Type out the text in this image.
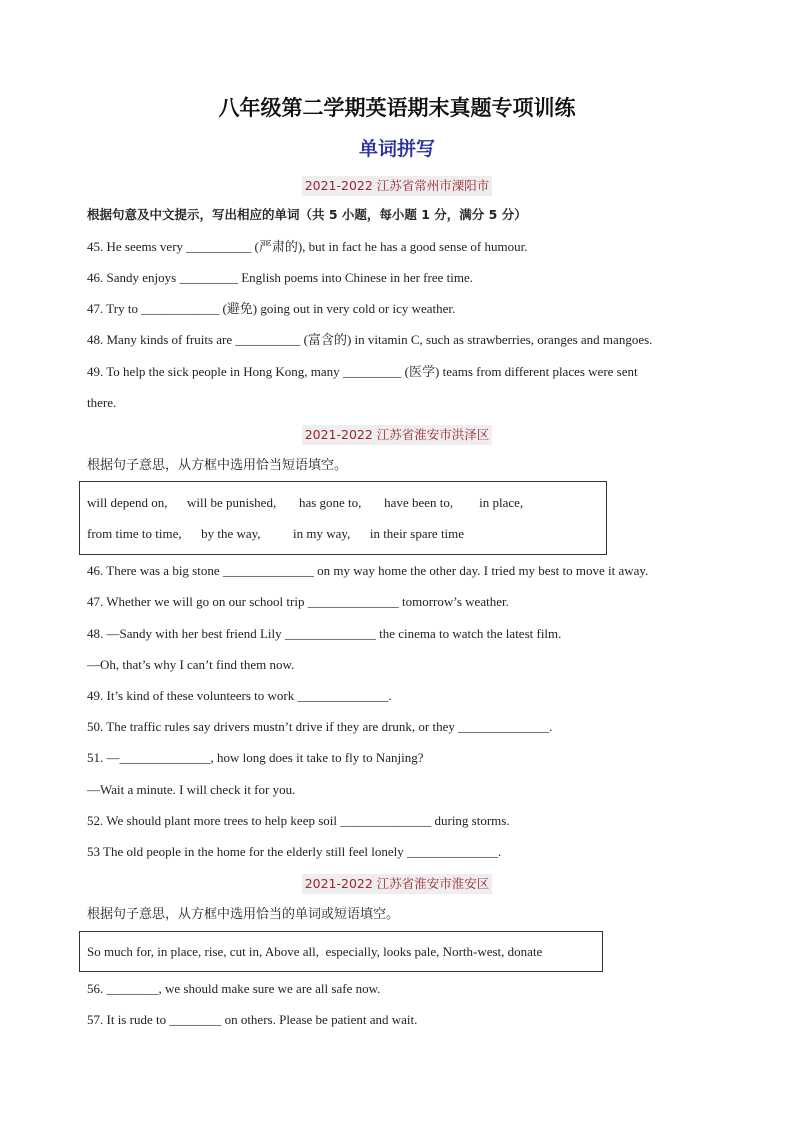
八年级第二学期英语期末真题专项训练
单词拼写
2021-2022 江苏省常州市溧阳市
根据句意及中文提示，写出相应的单词（共 5 小题，每小题 1 分，满分 5 分）
45. He seems very __________ (严肃的), but in fact he has a good sense of humour.
46. Sandy enjoys _________ English poems into Chinese in her free time.
47. Try to ____________ (避免) going out in very cold or icy weather.
48. Many kinds of fruits are __________ (富含的) in vitamin C, such as strawberries, oranges and mangoes.
49. To help the sick people in Hong Kong, many _________ (医学) teams from different places were sent
there.
2021-2022 江苏省淮安市洪泽区
根据句子意思，从方框中选用恰当短语填空。
will depend on,      will be punished,       has gone to,       have been to,        in place,
from time to time,      by the way,          in my way,      in their spare time
46. There was a big stone ______________ on my way home the other day. I tried my best to move it away.
47. Whether we will go on our school trip ______________ tomorrow’s weather.
48. —Sandy with her best friend Lily ______________ the cinema to watch the latest film.
—Oh, that’s why I can’t find them now.
49. It’s kind of these volunteers to work ______________.
50. The traffic rules say drivers mustn’t drive if they are drunk, or they ______________.
51. —______________, how long does it take to fly to Nanjing?
—Wait a minute. I will check it for you.
52. We should plant more trees to help keep soil ______________ during storms.
53 The old people in the home for the elderly still feel lonely ______________.
2021-2022 江苏省淮安市淮安区
根据句子意思，从方框中选用恰当的单词或短语填空。
So much for, in place, rise, cut in, Above all,  especially, looks pale, North-west, donate
56. ________, we should make sure we are all safe now.
57. It is rude to ________ on others. Please be patient and wait.
